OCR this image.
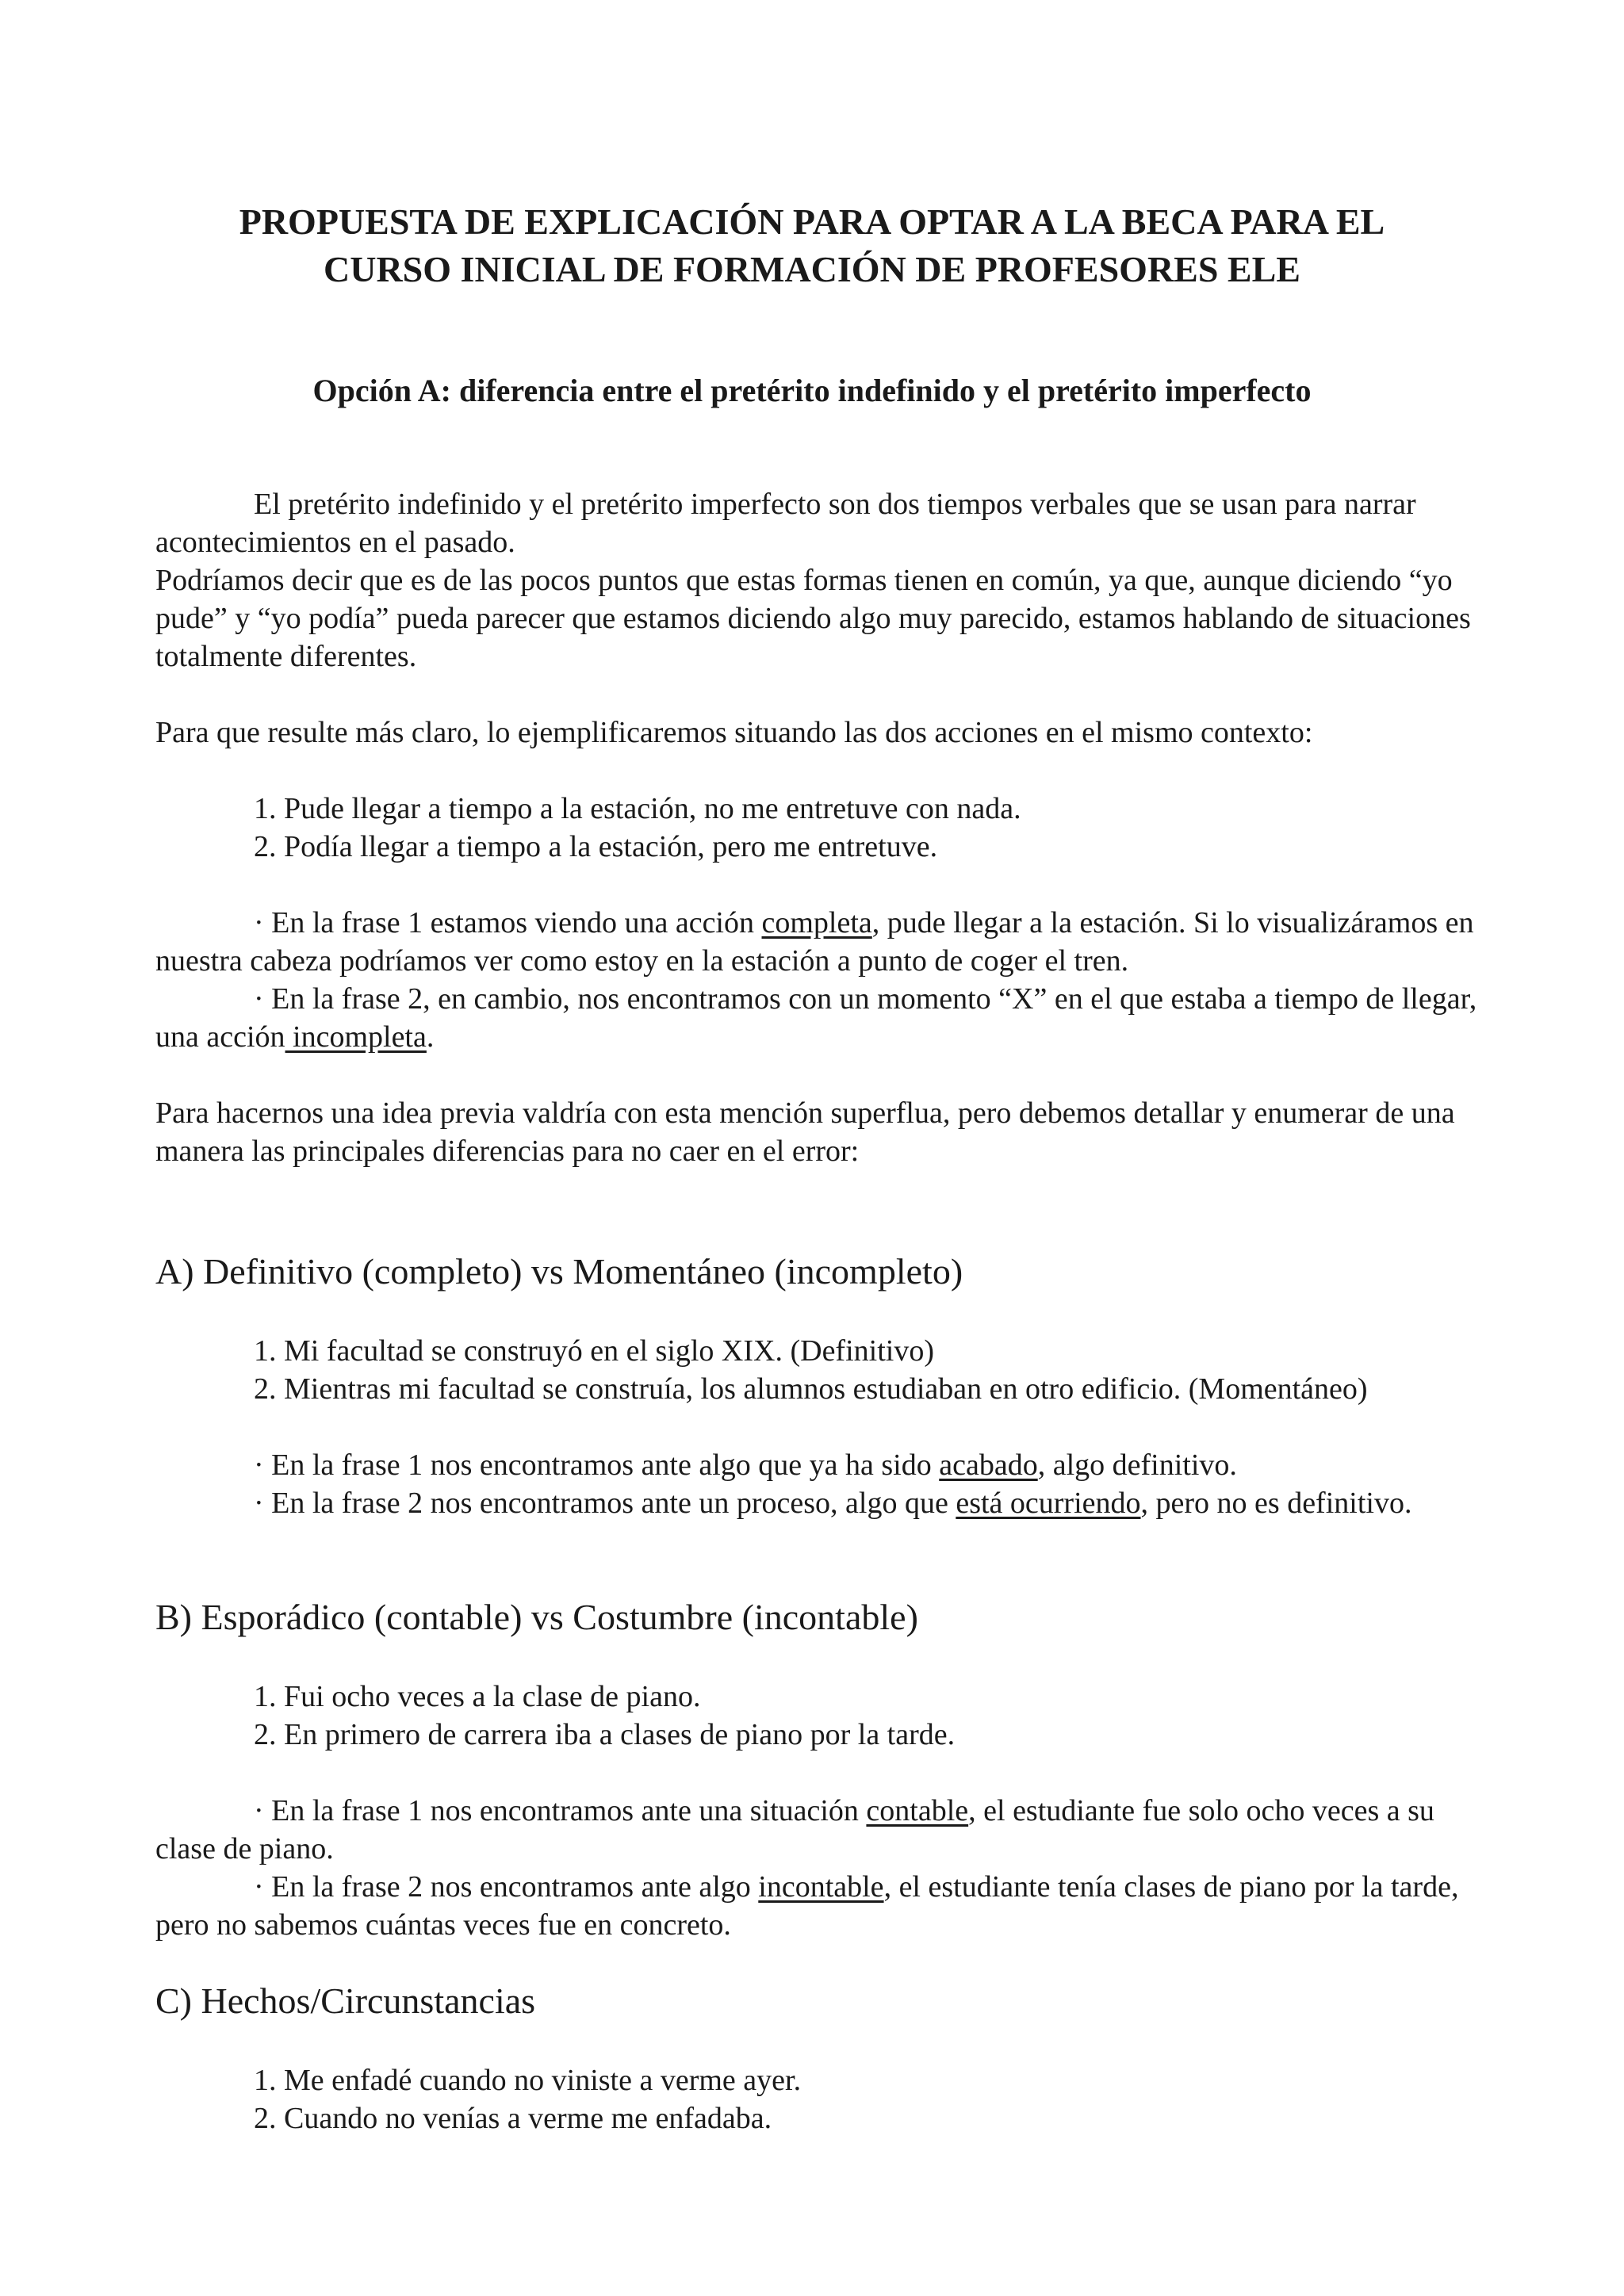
PROPUESTA DE EXPLICACIÓN PARA OPTAR A LA BECA PARA EL
CURSO INICIAL DE FORMACIÓN DE PROFESORES ELE
Opción A: diferencia entre el pretérito indefinido y el pretérito imperfecto
El pretérito indefinido y el pretérito imperfecto son dos tiempos verbales que se usan para narrar acontecimientos en el pasado.
Podríamos decir que es de las pocos puntos que estas formas tienen en común, ya que, aunque diciendo “yo pude” y “yo podía” pueda parecer que estamos diciendo algo muy parecido, estamos hablando de situaciones totalmente diferentes.
Para que resulte más claro, lo ejemplificaremos situando las dos acciones en el mismo contexto:
1. Pude llegar a tiempo a la estación, no me entretuve con nada.
2. Podía llegar a tiempo a la estación, pero me entretuve.
· En la frase 1 estamos viendo una acción completa, pude llegar a la estación. Si lo visualizáramos en nuestra cabeza podríamos ver como estoy en la estación a punto de coger el tren.
· En la frase 2, en cambio, nos encontramos con un momento “X” en el que estaba a tiempo de llegar, una acción incompleta.
Para hacernos una idea previa valdría con esta mención superflua, pero debemos detallar y enumerar de una manera las principales diferencias para no caer en el error:
A) Definitivo (completo) vs Momentáneo (incompleto)
1. Mi facultad se construyó en el siglo XIX. (Definitivo)
2. Mientras mi facultad se construía, los alumnos estudiaban en otro edificio. (Momentáneo)
· En la frase 1 nos encontramos ante algo que ya ha sido acabado, algo definitivo.
· En la frase 2 nos encontramos ante un proceso, algo que está ocurriendo, pero no es definitivo.
B) Esporádico (contable) vs Costumbre (incontable)
1. Fui ocho veces a la clase de piano.
2. En primero de carrera iba a clases de piano por la tarde.
· En la frase 1 nos encontramos ante una situación contable, el estudiante fue solo ocho veces a su clase de piano.
· En la frase 2 nos encontramos ante algo incontable, el estudiante tenía clases de piano por la tarde, pero no sabemos cuántas veces fue en concreto.
C) Hechos/Circunstancias
1. Me enfadé cuando no viniste a verme ayer.
2. Cuando no venías a verme me enfadaba.
